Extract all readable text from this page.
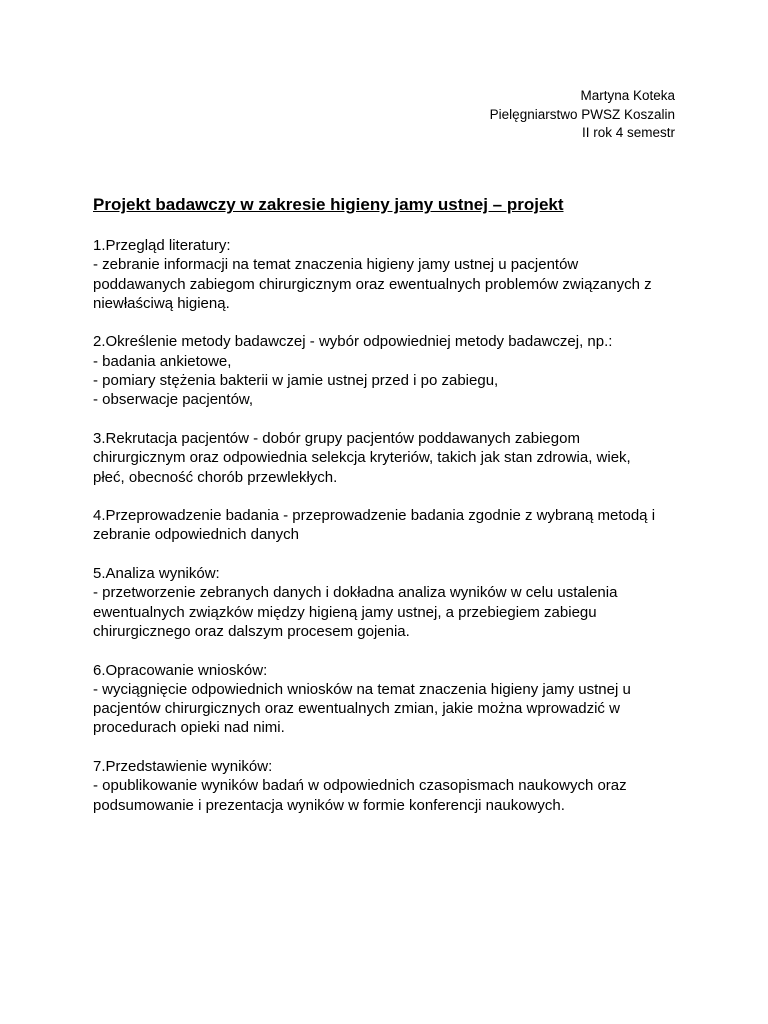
Martyna Koteka
Pielęgniarstwo PWSZ Koszalin
II rok 4 semestr
Projekt badawczy w zakresie higieny jamy ustnej – projekt
1.Przegląd literatury:
- zebranie informacji na temat znaczenia higieny jamy ustnej u pacjentów
poddawanych zabiegom chirurgicznym oraz ewentualnych problemów związanych z
niewłaściwą higieną.
2.Określenie metody badawczej - wybór odpowiedniej metody badawczej, np.:
- badania ankietowe,
- pomiary stężenia bakterii w jamie ustnej przed i po zabiegu,
- obserwacje pacjentów,
3.Rekrutacja pacjentów - dobór grupy pacjentów poddawanych zabiegom
chirurgicznym oraz odpowiednia selekcja kryteriów, takich jak stan zdrowia, wiek,
płeć, obecność chorób przewlekłych.
4.Przeprowadzenie badania - przeprowadzenie badania zgodnie z wybraną metodą i
zebranie odpowiednich danych
5.Analiza wyników:
- przetworzenie zebranych danych i dokładna analiza wyników w celu ustalenia
ewentualnych związków między higieną jamy ustnej, a przebiegiem zabiegu
chirurgicznego oraz dalszym procesem gojenia.
6.Opracowanie wniosków:
- wyciągnięcie odpowiednich wniosków na temat znaczenia higieny jamy ustnej u
pacjentów chirurgicznych oraz ewentualnych zmian, jakie można wprowadzić w
procedurach opieki nad nimi.
7.Przedstawienie wyników:
- opublikowanie wyników badań w odpowiednich czasopismach naukowych oraz
podsumowanie i prezentacja wyników w formie konferencji naukowych.
